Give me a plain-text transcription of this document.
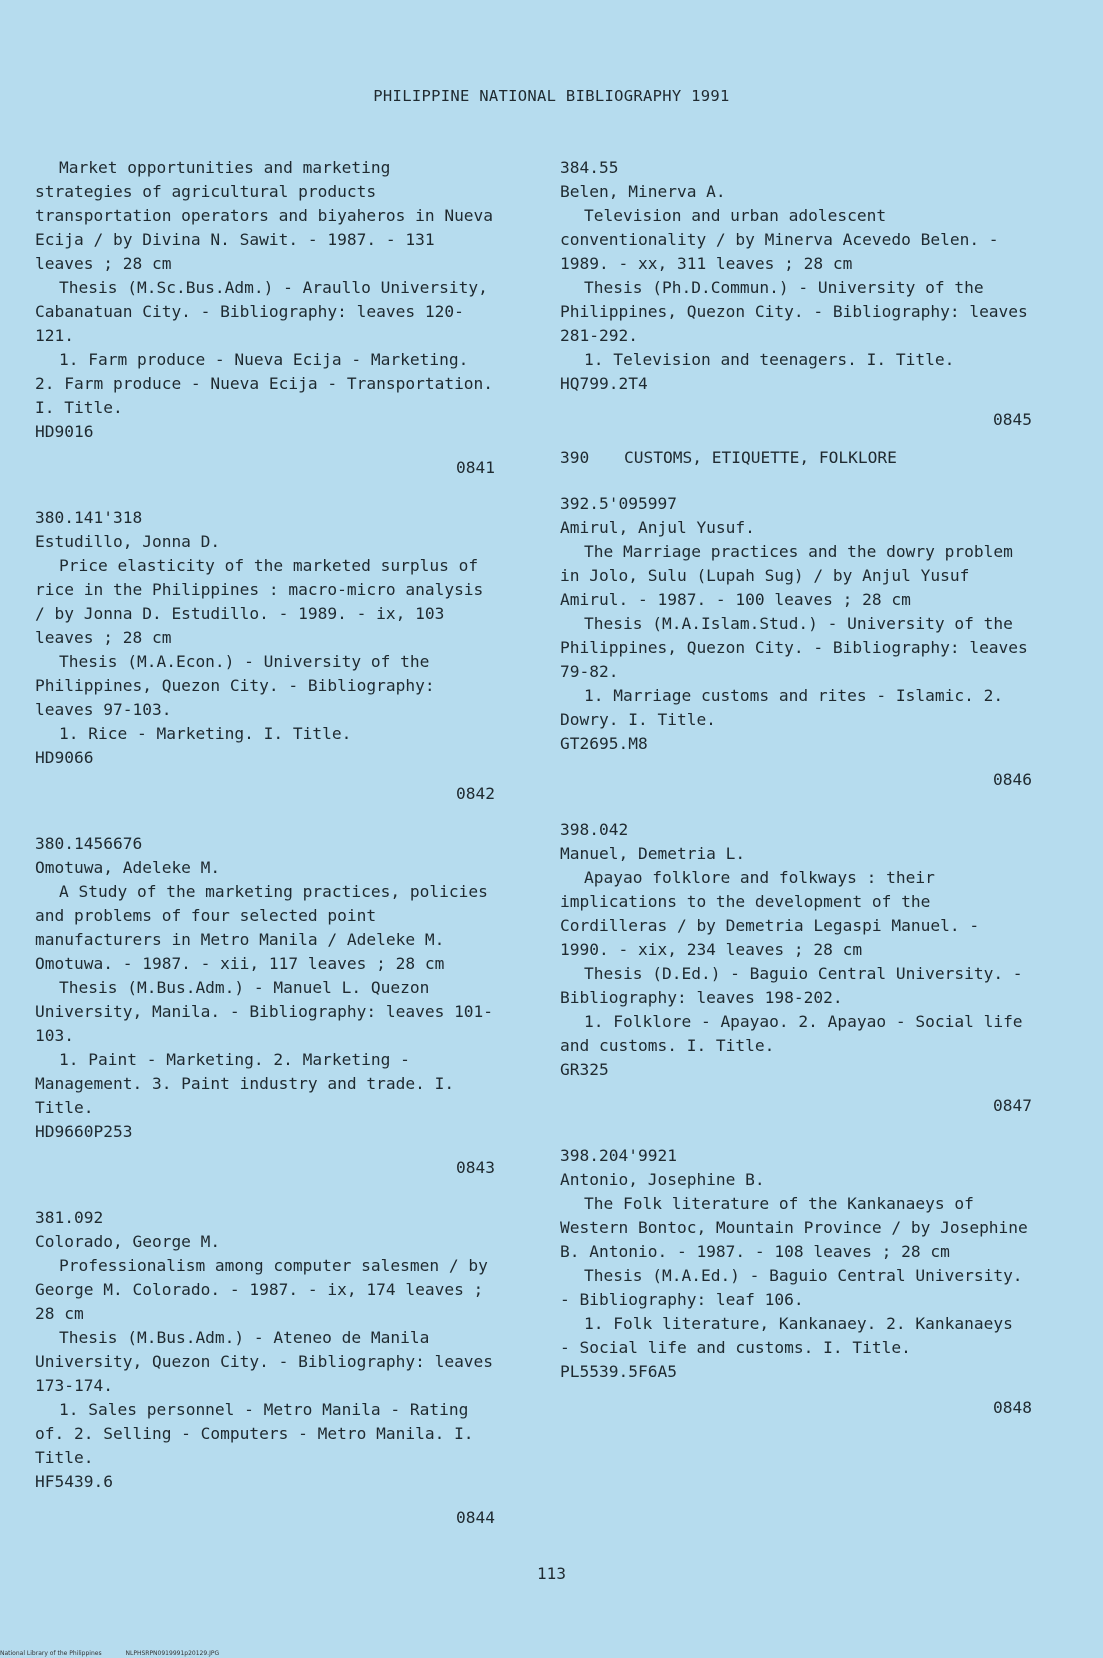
PHILIPPINE NATIONAL BIBLIOGRAPHY 1991

Market opportunities and marketing strategies of agricultural products transportation operators and biyaheros in Nueva Ecija / by Divina N. Sawit. - 1987. - 131 leaves ; 28 cm

Thesis (M.Sc.Bus.Adm.) - Araullo University, Cabanatuan City. - Bibliography: leaves 120-121.

1. Farm produce - Nueva Ecija - Marketing. 2. Farm produce - Nueva Ecija - Transportation. I. Title.

HD9016

0841

380.141'318

Estudillo, Jonna D.

Price elasticity of the marketed surplus of rice in the Philippines : macro-micro analysis / by Jonna D. Estudillo. - 1989. - ix, 103 leaves ; 28 cm

Thesis (M.A.Econ.) - University of the Philippines, Quezon City. - Bibliography: leaves 97-103.

1. Rice - Marketing. I. Title.

HD9066

0842

380.1456676

Omotuwa, Adeleke M.

A Study of the marketing practices, policies and problems of four selected point manufacturers in Metro Manila / Adeleke M. Omotuwa. - 1987. - xii, 117 leaves ; 28 cm

Thesis (M.Bus.Adm.) - Manuel L. Quezon University, Manila. - Bibliography: leaves 101-103.

1. Paint - Marketing. 2. Marketing - Management. 3. Paint industry and trade. I. Title.

HD9660P253

0843

381.092

Colorado, George M.

Professionalism among computer salesmen / by George M. Colorado. - 1987. - ix, 174 leaves ; 28 cm

Thesis (M.Bus.Adm.) - Ateneo de Manila University, Quezon City. - Bibliography: leaves 173-174.

1. Sales personnel - Metro Manila - Rating of. 2. Selling - Computers - Metro Manila. I. Title.

HF5439.6

0844

384.55

Belen, Minerva A.

Television and urban adolescent conventionality / by Minerva Acevedo Belen. - 1989. - xx, 311 leaves ; 28 cm

Thesis (Ph.D.Commun.) - University of the Philippines, Quezon City. - Bibliography: leaves 281-292.

1. Television and teenagers. I. Title.

HQ799.2T4

0845

390 CUSTOMS, ETIQUETTE, FOLKLORE

392.5'095997

Amirul, Anjul Yusuf.

The Marriage practices and the dowry problem in Jolo, Sulu (Lupah Sug) / by Anjul Yusuf Amirul. - 1987. - 100 leaves ; 28 cm

Thesis (M.A.Islam.Stud.) - University of the Philippines, Quezon City. - Bibliography: leaves 79-82.

1. Marriage customs and rites - Islamic. 2. Dowry. I. Title.

GT2695.M8

0846

398.042

Manuel, Demetria L.

Apayao folklore and folkways : their implications to the development of the Cordilleras / by Demetria Legaspi Manuel. - 1990. - xix, 234 leaves ; 28 cm

Thesis (D.Ed.) - Baguio Central University. - Bibliography: leaves 198-202.

1. Folklore - Apayao. 2. Apayao - Social life and customs. I. Title.

GR325

0847

398.204'9921

Antonio, Josephine B.

The Folk literature of the Kankanaeys of Western Bontoc, Mountain Province / by Josephine B. Antonio. - 1987. - 108 leaves ; 28 cm

Thesis (M.A.Ed.) - Baguio Central University. - Bibliography: leaf 106.

1. Folk literature, Kankanaey. 2. Kankanaeys - Social life and customs. I. Title.

PL5539.5F6A5

0848

113
National Library of the Philippines	NLPHSRPN0919991p20129.JPG
